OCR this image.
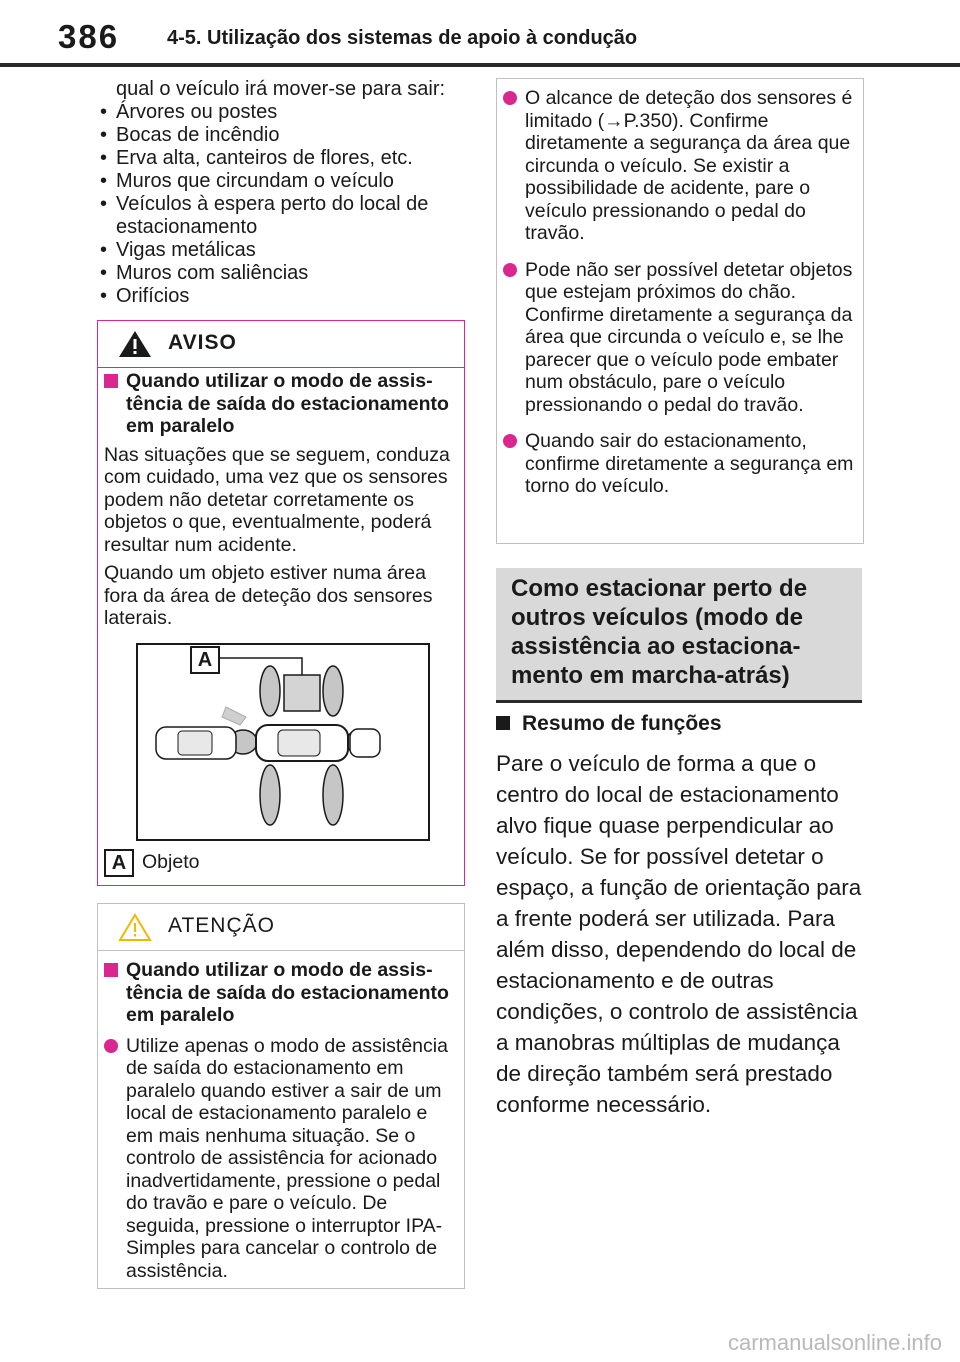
386 4-5. Utilização dos sistemas de apoio à condução
qual o veículo irá mover-se para sair:
• Árvores ou postes
• Bocas de incêndio
• Erva alta, canteiros de flores, etc.
• Muros que circundam o veículo
• Veículos à espera perto do local de estacionamento
• Vigas metálicas
• Muros com saliências
• Orifícios
AVISO
Quando utilizar o modo de assistência de saída do estacionamento em paralelo
Nas situações que se seguem, conduza com cuidado, uma vez que os sensores podem não detetar corretamente os objetos o que, eventualmente, poderá resultar num acidente.
Quando um objeto estiver numa área fora da área de deteção dos sensores laterais.
A
A Objeto
ATENÇÃO
Quando utilizar o modo de assistência de saída do estacionamento em paralelo
Utilize apenas o modo de assistência de saída do estacionamento em paralelo quando estiver a sair de um local de estacionamento paralelo e em mais nenhuma situação. Se o controlo de assistência for acionado inadvertidamente, pressione o pedal do travão e pare o veículo. De seguida, pressione o interruptor IPA-Simples para cancelar o controlo de assistência.
O alcance de deteção dos sensores é limitado (→P.350). Confirme diretamente a segurança da área que circunda o veículo. Se existir a possibilidade de acidente, pare o veículo pressionando o pedal do travão.
Pode não ser possível detetar objetos que estejam próximos do chão. Confirme diretamente a segurança da área que circunda o veículo e, se lhe parecer que o veículo pode embater num obstáculo, pare o veículo pressionando o pedal do travão.
Quando sair do estacionamento, confirme diretamente a segurança em torno do veículo.
Como estacionar perto de outros veículos (modo de assistência ao estacionamento em marcha-atrás)
Resumo de funções
Pare o veículo de forma a que o centro do local de estacionamento alvo fique quase perpendicular ao veículo. Se for possível detetar o espaço, a função de orientação para a frente poderá ser utilizada. Para além disso, dependendo do local de estacionamento e de outras condições, o controlo de assistência a manobras múltiplas de mudança de direção também será prestado conforme necessário.
carmanualsonline.info
